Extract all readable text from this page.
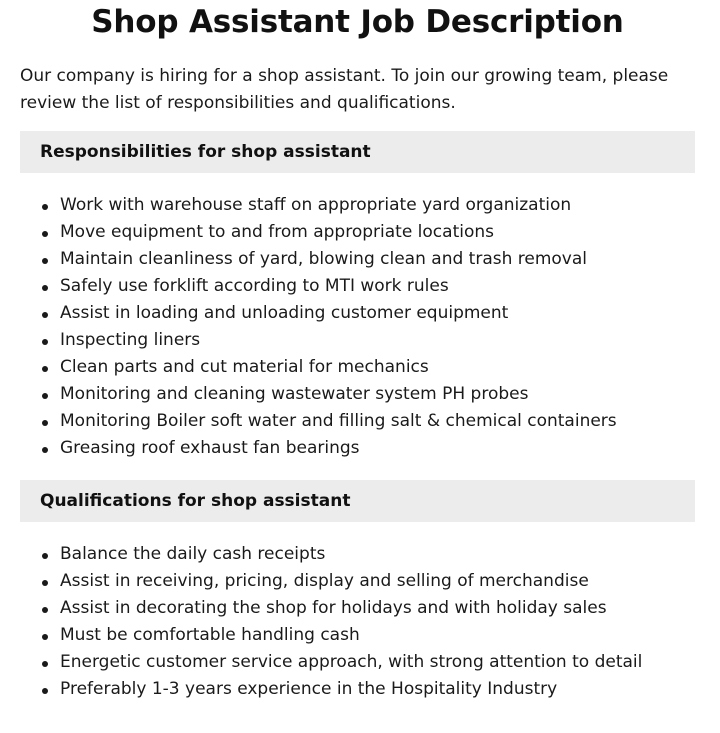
Shop Assistant Job Description

Our company is hiring for a shop assistant. To join our growing team, please review the list of responsibilities and qualifications.

Responsibilities for shop assistant
Work with warehouse staff on appropriate yard organization
Move equipment to and from appropriate locations
Maintain cleanliness of yard, blowing clean and trash removal
Safely use forklift according to MTI work rules
Assist in loading and unloading customer equipment
Inspecting liners
Clean parts and cut material for mechanics
Monitoring and cleaning wastewater system PH probes
Monitoring Boiler soft water and filling salt & chemical containers
Greasing roof exhaust fan bearings
Qualifications for shop assistant
Balance the daily cash receipts
Assist in receiving, pricing, display and selling of merchandise
Assist in decorating the shop for holidays and with holiday sales
Must be comfortable handling cash
Energetic customer service approach, with strong attention to detail
Preferably 1-3 years experience in the Hospitality Industry
